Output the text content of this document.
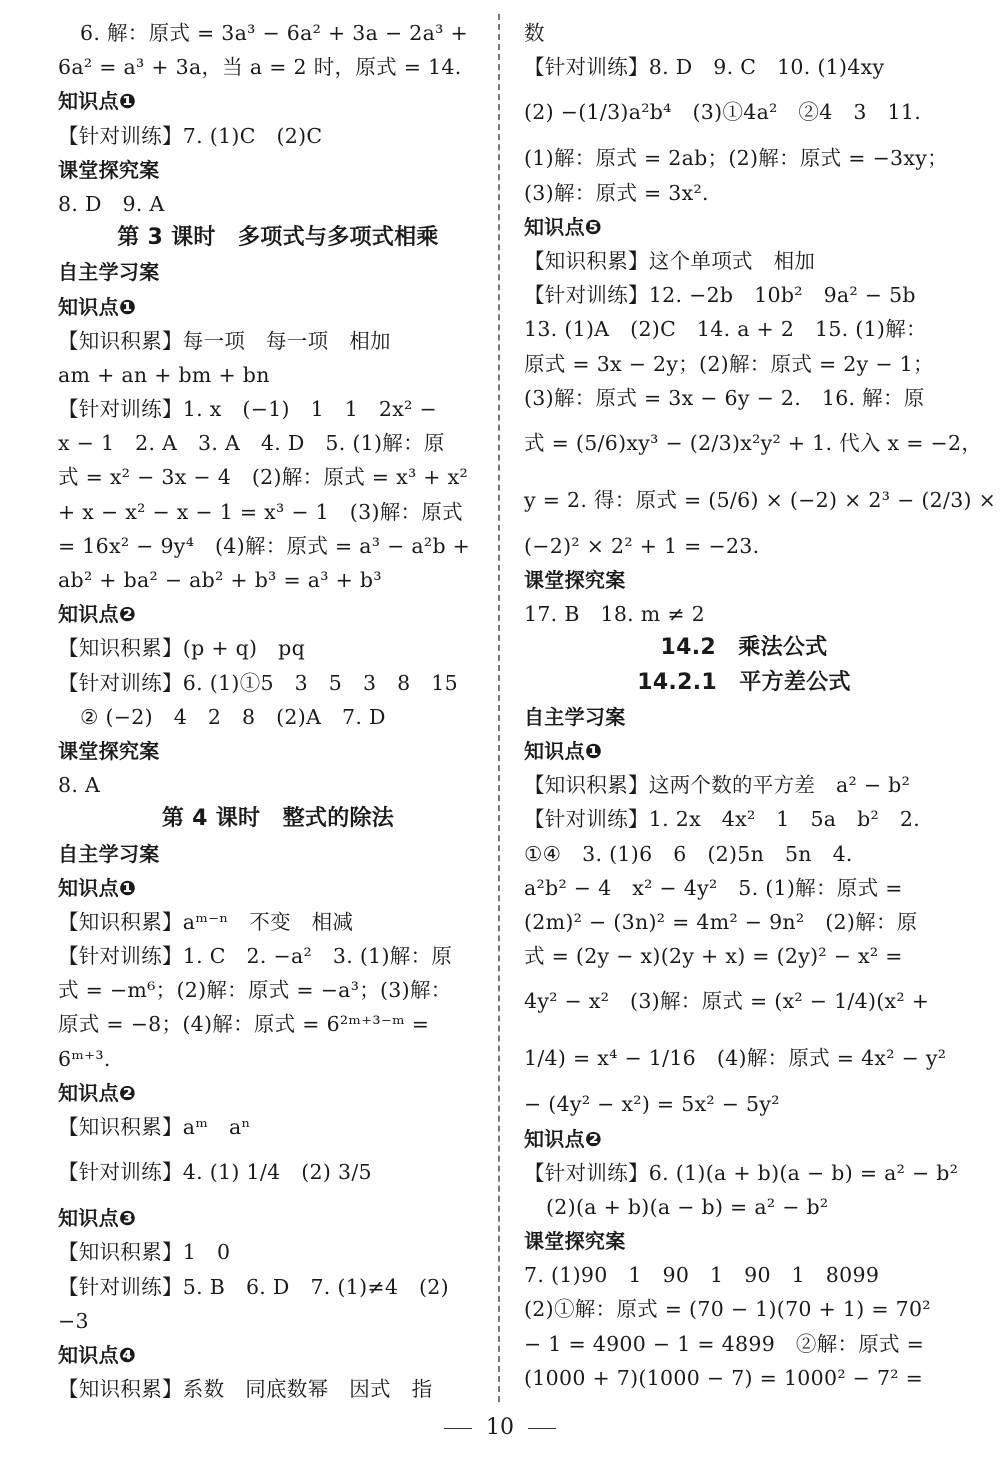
6. 解：原式 = 3a³ − 6a² + 3a − 2a³ +
6a² = a³ + 3a，当 a = 2 时，原式 = 14.
知识点❶
【针对训练】7. (1)C　(2)C
课堂探究案
8. D　9. A
第 3 课时　多项式与多项式相乘
自主学习案
知识点❶
【知识积累】每一项　每一项　相加
am + an + bm + bn
【针对训练】1. x　(−1)　1　1　2x² −
x − 1　2. A　3. A　4. D　5. (1)解：原
式 = x² − 3x − 4　(2)解：原式 = x³ + x²
+ x − x² − x − 1 = x³ − 1　(3)解：原式
= 16x² − 9y⁴　(4)解：原式 = a³ − a²b +
ab² + ba² − ab² + b³ = a³ + b³
知识点❷
【知识积累】(p + q)　pq
【针对训练】6. (1)①5　3　5　3　8　15
② (−2)　4　2　8　(2)A　7. D
课堂探究案
8. A
第 4 课时　整式的除法
自主学习案
知识点❶
【知识积累】aᵐ⁻ⁿ　不变　相减
【针对训练】1. C　2. −a²　3. (1)解：原
式 = −m⁶；(2)解：原式 = −a³；(3)解：
原式 = −8；(4)解：原式 = 6²ᵐ⁺³⁻ᵐ =
6ᵐ⁺³.
知识点❷
【知识积累】aᵐ　aⁿ
【针对训练】4. (1) 1/4　(2) 3/5
知识点❸
【知识积累】1　0
【针对训练】5. B　6. D　7. (1)≠4　(2)
−3
知识点❹
【知识积累】系数　同底数幂　因式　指
数
【针对训练】8. D　9. C　10. (1)4xy
(2) −(1/3)a²b⁴　(3)①4a²　②4　3　11.
(1)解：原式 = 2ab；(2)解：原式 = −3xy；
(3)解：原式 = 3x².
知识点❺
【知识积累】这个单项式　相加
【针对训练】12. −2b　10b²　9a² − 5b
13. (1)A　(2)C　14. a + 2　15. (1)解：
原式 = 3x − 2y；(2)解：原式 = 2y − 1；
(3)解：原式 = 3x − 6y − 2.　16. 解：原
式 = (5/6)xy³ − (2/3)x²y² + 1. 代入 x = −2，
y = 2. 得：原式 = (5/6) × (−2) × 2³ − (2/3) ×
(−2)² × 2² + 1 = −23.
课堂探究案
17. B　18. m ≠ 2
14.2　乘法公式
14.2.1　平方差公式
自主学习案
知识点❶
【知识积累】这两个数的平方差　a² − b²
【针对训练】1. 2x　4x²　1　5a　b²　2.
①④　3. (1)6　6　(2)5n　5n　4.
a²b² − 4　x² − 4y²　5. (1)解：原式 =
(2m)² − (3n)² = 4m² − 9n²　(2)解：原
式 = (2y − x)(2y + x) = (2y)² − x² =
4y² − x²　(3)解：原式 = (x² − 1/4)(x² +
1/4) = x⁴ − 1/16　(4)解：原式 = 4x² − y²
− (4y² − x²) = 5x² − 5y²
知识点❷
【针对训练】6. (1)(a + b)(a − b) = a² − b²
(2)(a + b)(a − b) = a² − b²
课堂探究案
7. (1)90　1　90　1　90　1　8099
(2)①解：原式 = (70 − 1)(70 + 1) = 70²
− 1 = 4900 − 1 = 4899　②解：原式 =
(1000 + 7)(1000 − 7) = 1000² − 7² =
10
